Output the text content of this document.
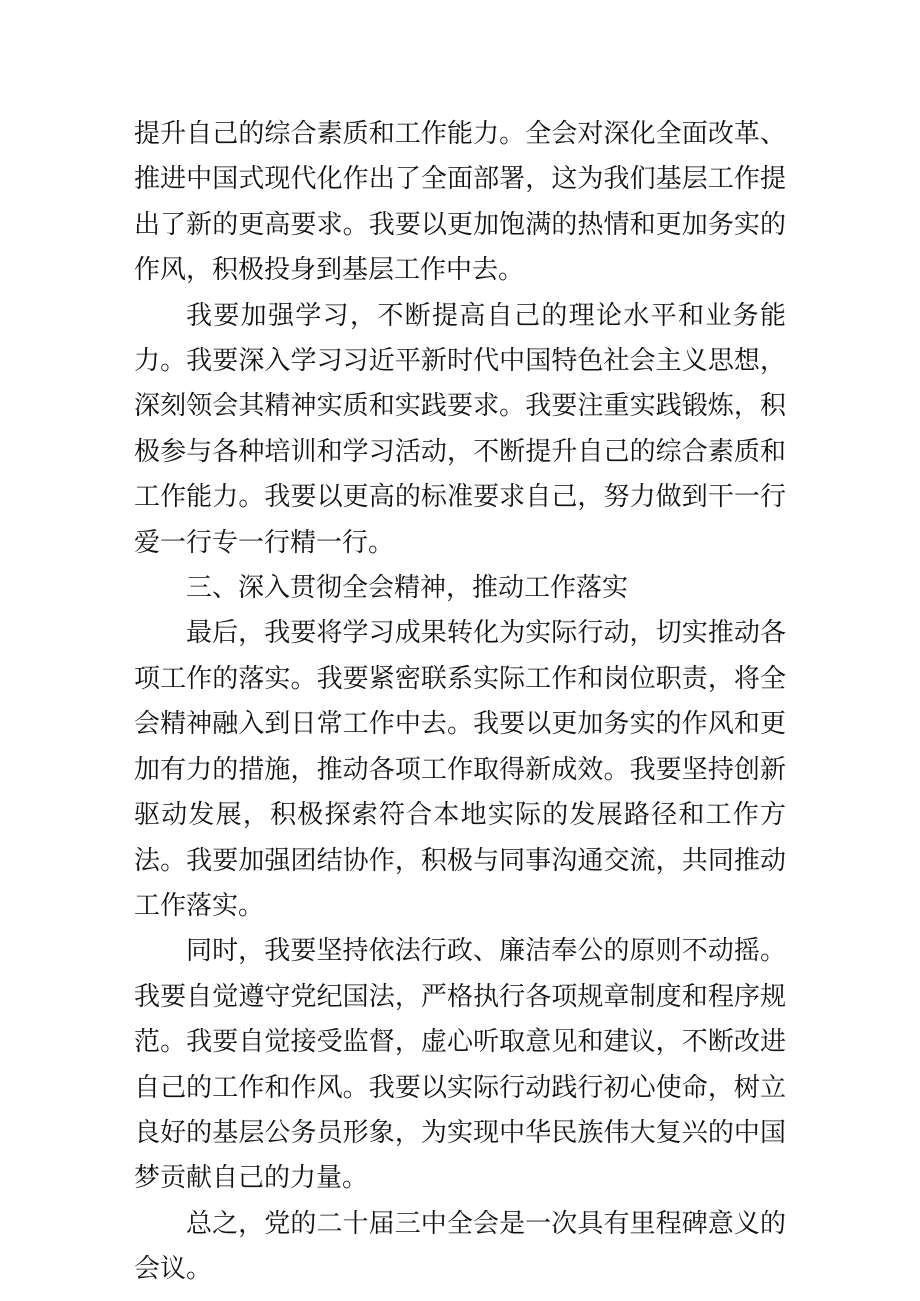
提升自己的综合素质和工作能力。全会对深化全面改革、推进中国式现代化作出了全面部署，这为我们基层工作提出了新的更高要求。我要以更加饱满的热情和更加务实的作风，积极投身到基层工作中去。

我要加强学习，不断提高自己的理论水平和业务能力。我要深入学习习近平新时代中国特色社会主义思想，深刻领会其精神实质和实践要求。我要注重实践锻炼，积极参与各种培训和学习活动，不断提升自己的综合素质和工作能力。我要以更高的标准要求自己，努力做到干一行爱一行专一行精一行。

三、深入贯彻全会精神，推动工作落实

最后，我要将学习成果转化为实际行动，切实推动各项工作的落实。我要紧密联系实际工作和岗位职责，将全会精神融入到日常工作中去。我要以更加务实的作风和更加有力的措施，推动各项工作取得新成效。我要坚持创新驱动发展，积极探索符合本地实际的发展路径和工作方法。我要加强团结协作，积极与同事沟通交流，共同推动工作落实。

同时，我要坚持依法行政、廉洁奉公的原则不动摇。我要自觉遵守党纪国法，严格执行各项规章制度和程序规范。我要自觉接受监督，虚心听取意见和建议，不断改进自己的工作和作风。我要以实际行动践行初心使命，树立良好的基层公务员形象，为实现中华民族伟大复兴的中国梦贡献自己的力量。

总之，党的二十届三中全会是一次具有里程碑意义的会议。
